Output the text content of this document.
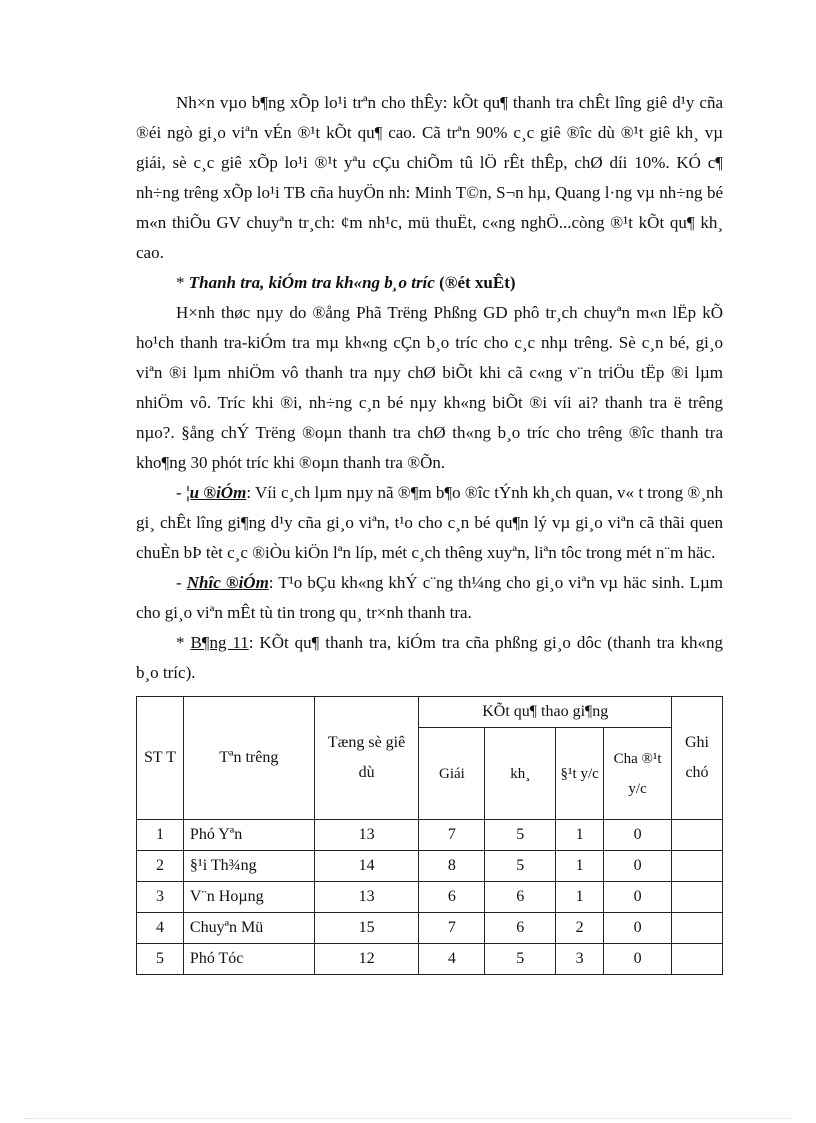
Nh×n vµo b¶ng xÕp lo¹i trªn cho thÊy: kÕt qu¶ thanh tra chÊt lîng giê d¹y cña ®éi ngò gi¸o viªn vÉn ®¹t kÕt qu¶ cao. Cã trªn 90% c¸c giê ®îc dù ®¹t giê kh¸ vµ giái, sè c¸c giê xÕp lo¹i ®¹t yªu cÇu chiÕm tû lÖ rÊt thÊp, chØ díi 10%. KÓ c¶ nh÷ng trêng xÕp lo¹i TB cña huyÖn nh: Minh T©n, S¬n hµ, Quang l·ng vµ nh÷ng bé m«n thiÕu GV chuyªn tr¸ch: ¢m nh¹c, mü thuËt, c«ng nghÖ...còng ®¹t kÕt qu¶ kh¸ cao.

* Thanh tra, kiÓm tra kh«ng b¸o tríc (®ét xuÊt)

H×nh thøc nµy do ®ång Phã Trëng Phßng GD phô tr¸ch chuyªn m«n lËp kÕ ho¹ch thanh tra-kiÓm tra mµ kh«ng cÇn b¸o tríc cho c¸c nhµ trêng. Sè c¸n bé, gi¸o viªn ®i lµm nhiÖm vô thanh tra nµy chØ biÕt khi cã c«ng v¨n triÖu tËp ®i lµm nhiÖm vô. Tríc khi ®i, nh÷ng c¸n bé nµy kh«ng biÕt ®i víi ai? thanh tra ë trêng nµo?. §ång chÝ Trëng ®oµn thanh tra chØ th«ng b¸o tríc cho trêng ®îc thanh tra kho¶ng 30 phót tríc khi ®oµn thanh tra ®Õn.

- ¦u ®iÓm: Víi c¸ch lµm nµy nã ®¶m b¶o ®îc tÝnh kh¸ch quan, v« t trong ®¸nh gi¸ chÊt lîng gi¶ng d¹y cña gi¸o viªn, t¹o cho c¸n bé qu¶n lý vµ gi¸o viªn cã thãi quen chuÈn bÞ tèt c¸c ®iÒu kiÖn lªn líp, mét c¸ch thêng xuyªn, liªn tôc trong mét n¨m häc.

- Nhîc ®iÓm: T¹o bÇu kh«ng khÝ c¨ng th¼ng cho gi¸o viªn vµ häc sinh. Lµm cho gi¸o viªn mÊt tù tin trong qu¸ tr×nh thanh tra.

* B¶ng 11: KÕt qu¶ thanh tra, kiÓm tra cña phßng gi¸o dôc (thanh tra kh«ng b¸o tríc).

ST T	Tªn trêng	Tæng sè giê dù	KÕt qu¶ thao gi¶ng				Ghi chó
			Giái	kh¸	§¹t y/c	Cha ®¹t y/c	
1	Phó Yªn	13	7	5	1	0	
2	§¹i Th¾ng	14	8	5	1	0	
3	V¨n Hoµng	13	6	6	1	0	
4	Chuyªn Mü	15	7	6	2	0	
5	Phó Tóc	12	4	5	3	0	
